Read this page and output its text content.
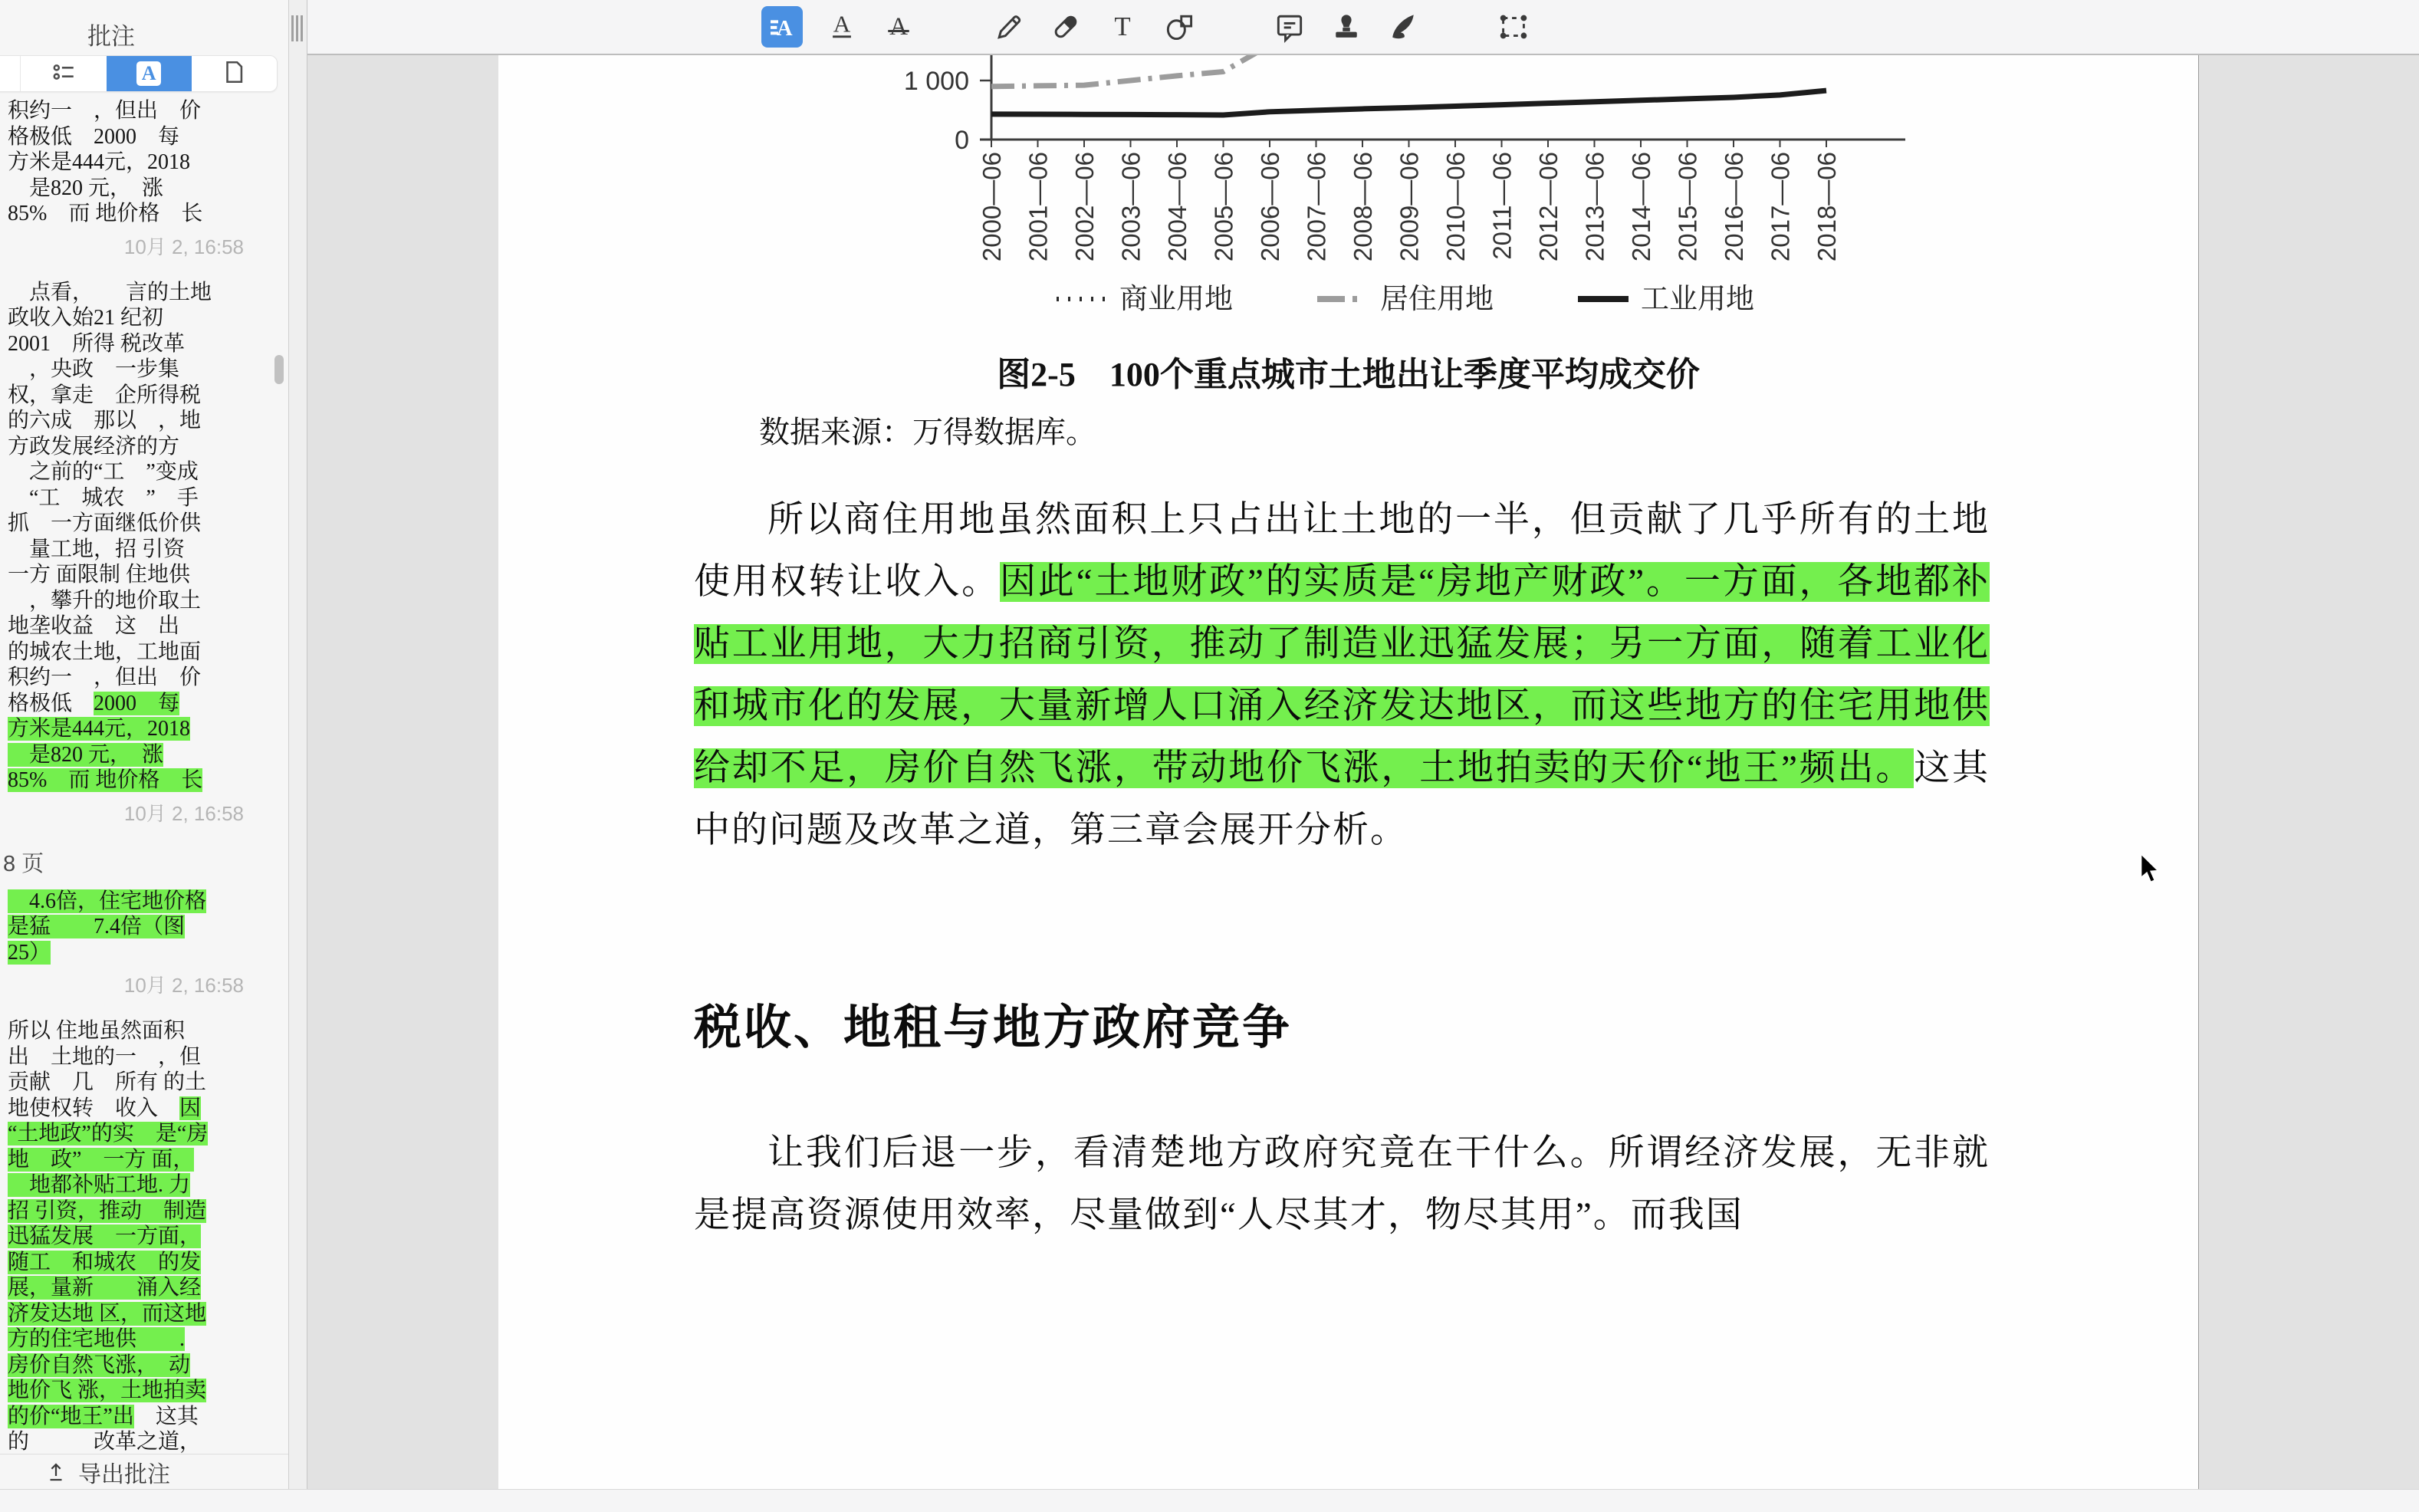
批注
A
积约一　，但出　价
格极低　2000　每
方米是444元，2018
　是820 元，　涨
85%　而 地价格　长
10月 2, 16:58
　点看，　　言的土地
政收入始21 纪初
2001　所得 税改革
　，央政　一步集
权，拿走　企所得税
的六成　那以　，地
方政发展经济的方
　之前的“工　”变成
　“工　城农　”　手
抓　一方面继低价供
　量工地，招 引资
一方 面限制 住地供
　，攀升的地价取土
地垄收益　这　出
的城农土地，工地面
积约一　，但出　价
格极低　2000　每
方米是444元，2018
　是820 元，　涨
85%　而 地价格　长
10月 2, 16:58
8 页
　4.6倍，住宅地价格
是猛　　7.4倍（图
25）
10月 2, 16:58
所以 住地虽然面积
出　土地的一　，但
贡献　几　所有 的土
地使权转　收入　因
“土地政”的实　是“房
地　政”　一方 面，
　地都补贴工地. 力
招 引资，推动　制造
迅猛发展　一方面，
随工　和城农　的发
展，量新　　涌入经
济发达地 区，而这地
方的住宅地供　　.
房价自然飞涨，　动
地价飞 涨，土地拍卖
的价“地王”出　这其
的　　　改革之道，
导出批注
A	A	A	T
1 000
0
2000—06 2001—06 2002—06 2003—06 2004—06 2005—06 2006—06 2007—06 2008—06 2009—06 2010—06 2011—06 2012—06 2013—06 2014—06 2015—06 2016—06 2017—06 2018—06
商业用地	居住用地	工业用地
图2-5　100个重点城市土地出让季度平均成交价
数据来源：万得数据库。
所以商住用地虽然面积上只占出让土地的一半，但贡献了几乎所有的土地使用权转让收入。因此“土地财政”的实质是“房地产财政”。一方面，各地都补贴工业用地，大力招商引资，推动了制造业迅猛发展；另一方面，随着工业化和城市化的发展，大量新增人口涌入经济发达地区，而这些地方的住宅用地供给却不足，房价自然飞涨，带动地价飞涨，土地拍卖的天价“地王”频出。这其中的问题及改革之道，第三章会展开分析。
税收、地租与地方政府竞争
让我们后退一步，看清楚地方政府究竟在干什么。所谓经济发展，无非就是提高资源使用效率，尽量做到“人尽其才，物尽其用”。而我国
